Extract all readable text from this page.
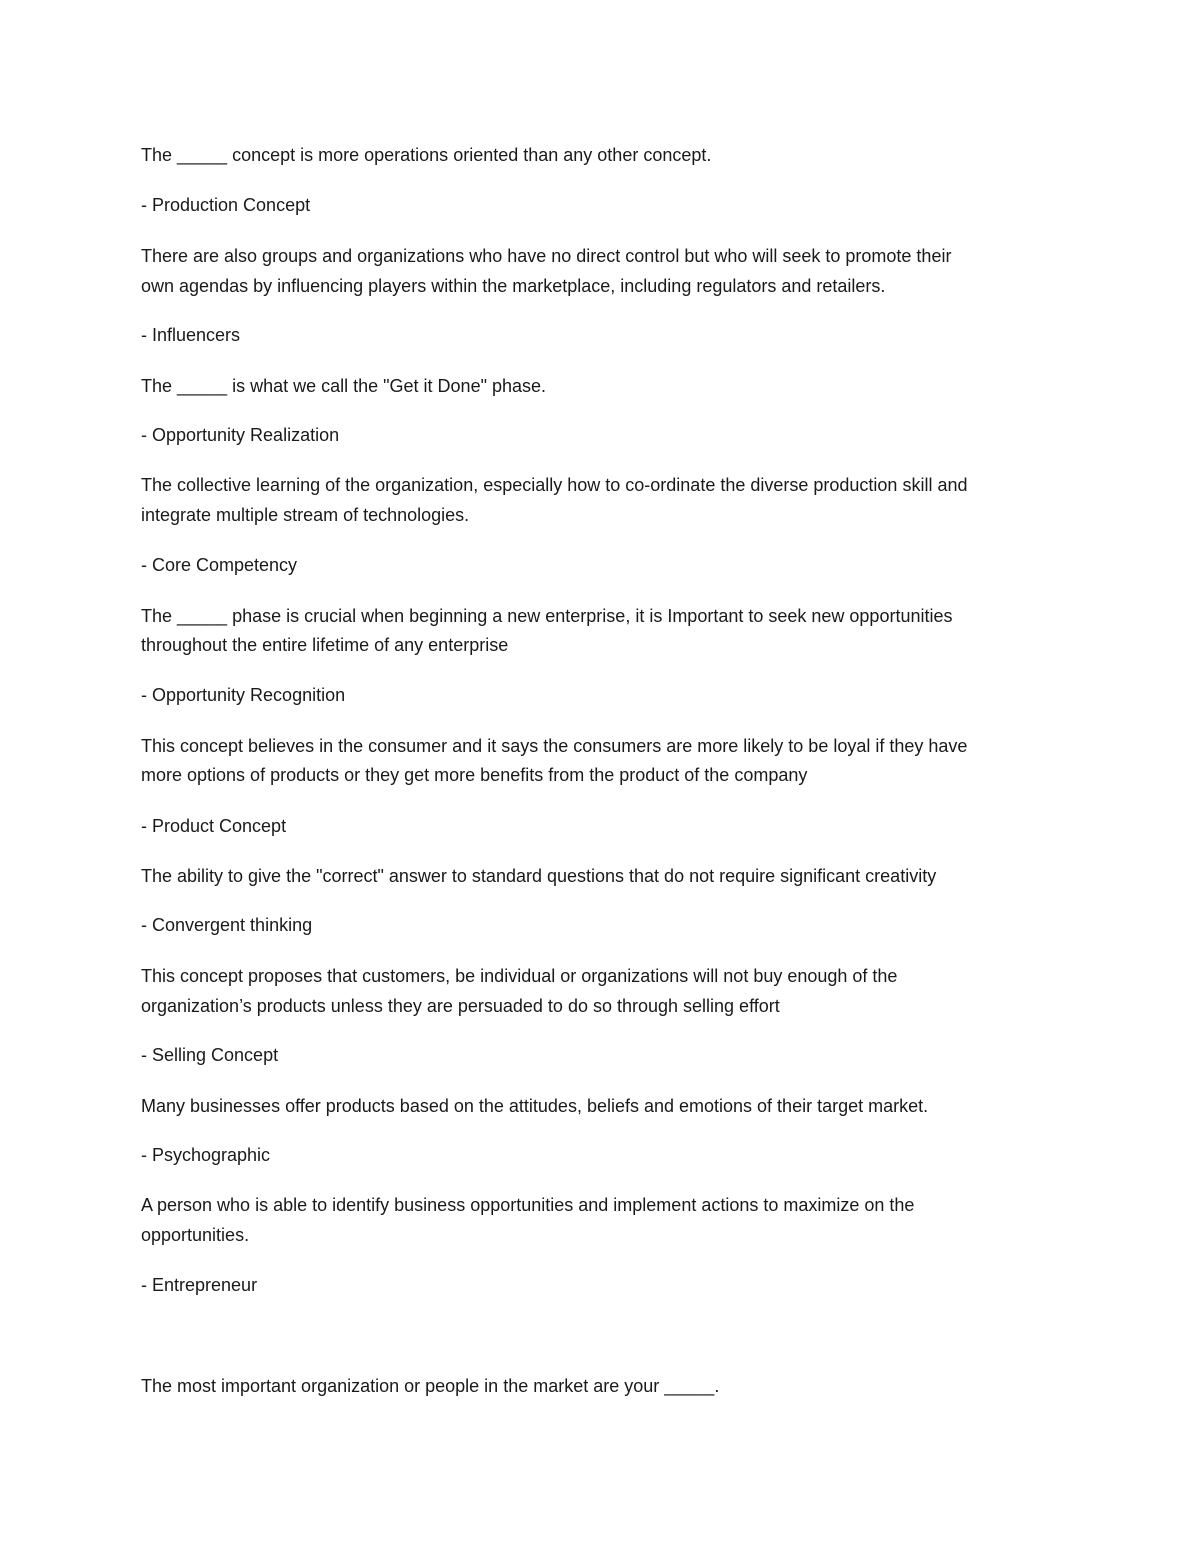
The _____ concept is more operations oriented than any other concept.

- Production Concept

There are also groups and organizations who have no direct control but who will seek to promote their

own agendas by influencing players within the marketplace, including regulators and retailers.

- Influencers

The _____ is what we call the "Get it Done" phase.

- Opportunity Realization

The collective learning of the organization, especially how to co-ordinate the diverse production skill and

integrate multiple stream of technologies.

- Core Competency

The _____ phase is crucial when beginning a new enterprise, it is Important to seek new opportunities

throughout the entire lifetime of any enterprise

- Opportunity Recognition

This concept believes in the consumer and it says the consumers are more likely to be loyal if they have

more options of products or they get more benefits from the product of the company

- Product Concept

The ability to give the "correct" answer to standard questions that do not require significant creativity

- Convergent thinking

This concept proposes that customers, be individual or organizations will not buy enough of the

organization’s products unless they are persuaded to do so through selling effort

- Selling Concept

Many businesses offer products based on the attitudes, beliefs and emotions of their target market.

- Psychographic

A person who is able to identify business opportunities and implement actions to maximize on the

opportunities.

- Entrepreneur

The most important organization or people in the market are your _____.
